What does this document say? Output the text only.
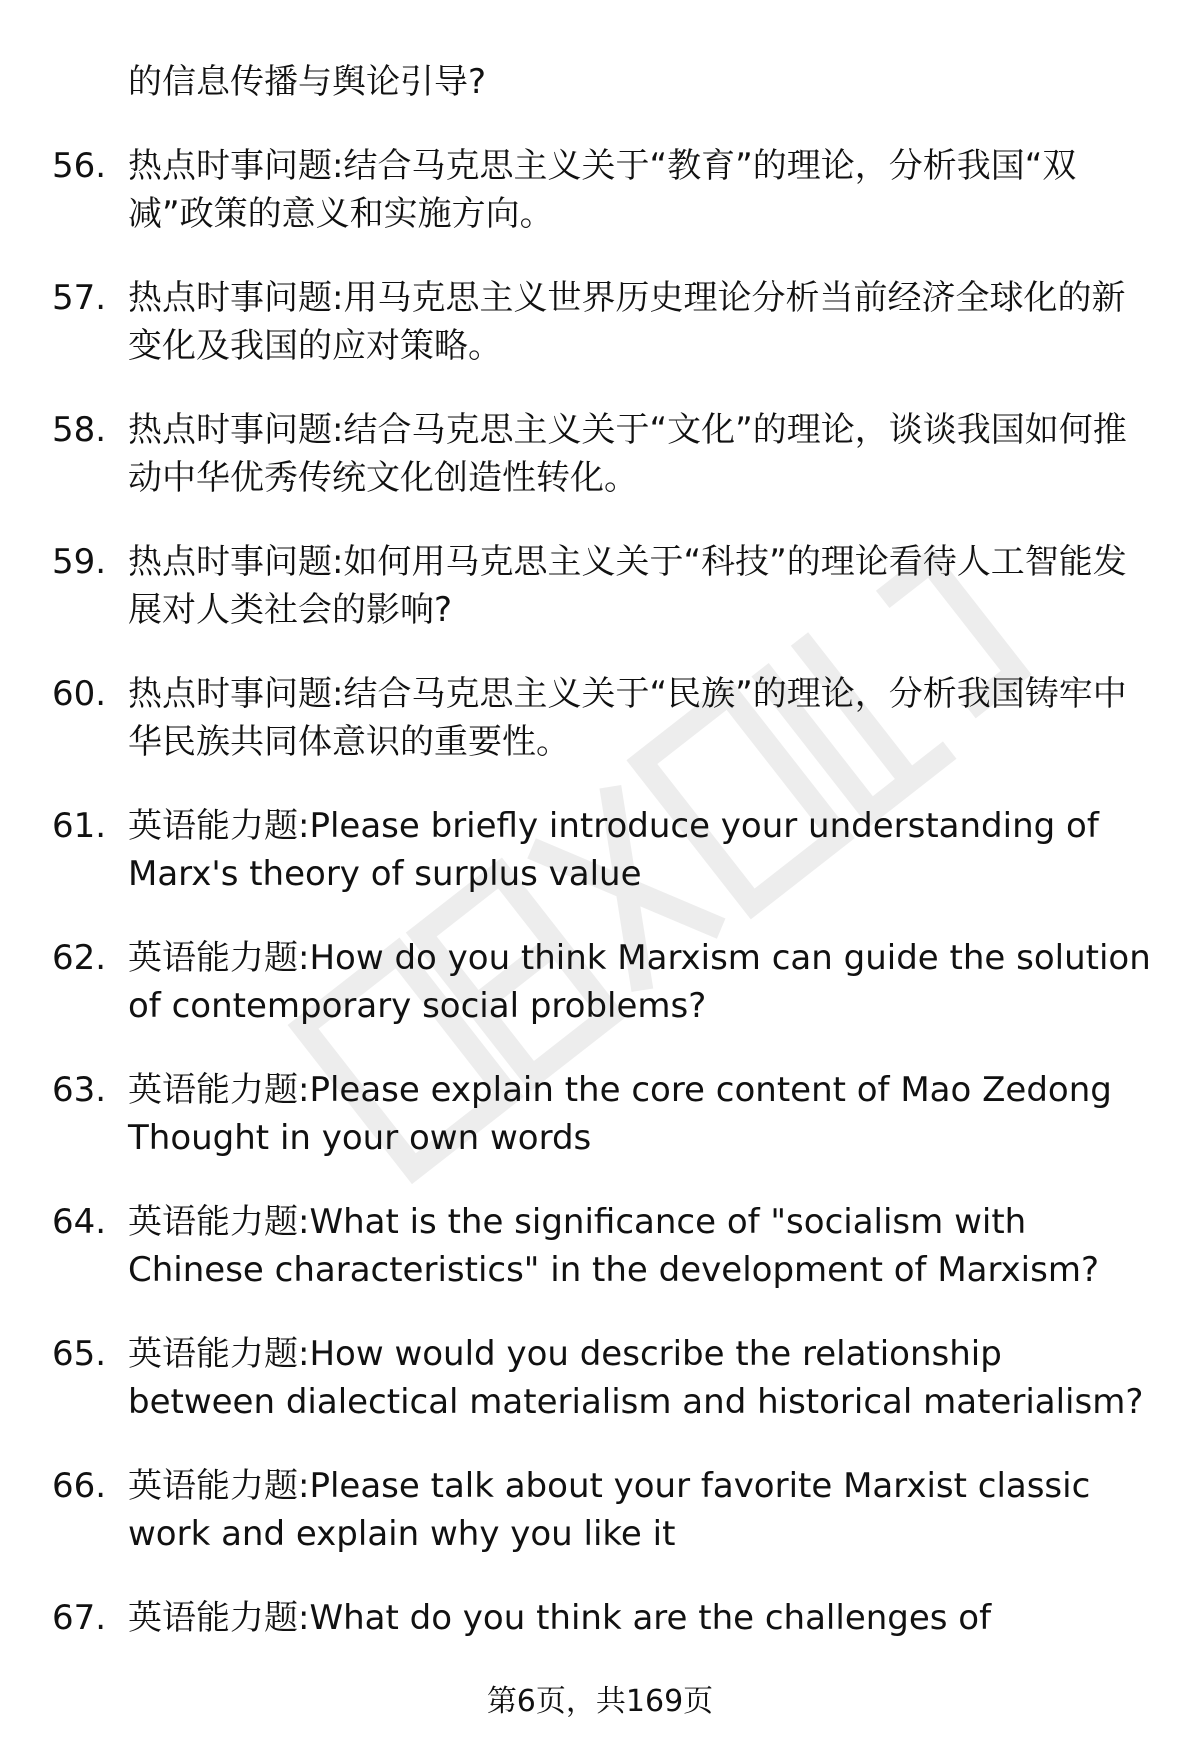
的信息传播与舆论引导?
56. 热点时事问题:结合马克思主义关于“教育”的理论，分析我国“双减”政策的意义和实施方向。
57. 热点时事问题:用马克思主义世界历史理论分析当前经济全球化的新变化及我国的应对策略。
58. 热点时事问题:结合马克思主义关于“文化”的理论，谈谈我国如何推动中华优秀传统文化创造性转化。
59. 热点时事问题:如何用马克思主义关于“科技”的理论看待人工智能发展对人类社会的影响?
60. 热点时事问题:结合马克思主义关于“民族”的理论，分析我国铸牢中华民族共同体意识的重要性。
61. 英语能力题:Please briefly introduce your understanding of Marx's theory of surplus value
62. 英语能力题:How do you think Marxism can guide the solution of contemporary social problems?
63. 英语能力题:Please explain the core content of Mao Zedong Thought in your own words
64. 英语能力题:What is the significance of "socialism with Chinese characteristics" in the development of Marxism?
65. 英语能力题:How would you describe the relationship between dialectical materialism and historical materialism?
66. 英语能力题:Please talk about your favorite Marxist classic work and explain why you like it
67. 英语能力题:What do you think are the challenges of
第6页，共169页
